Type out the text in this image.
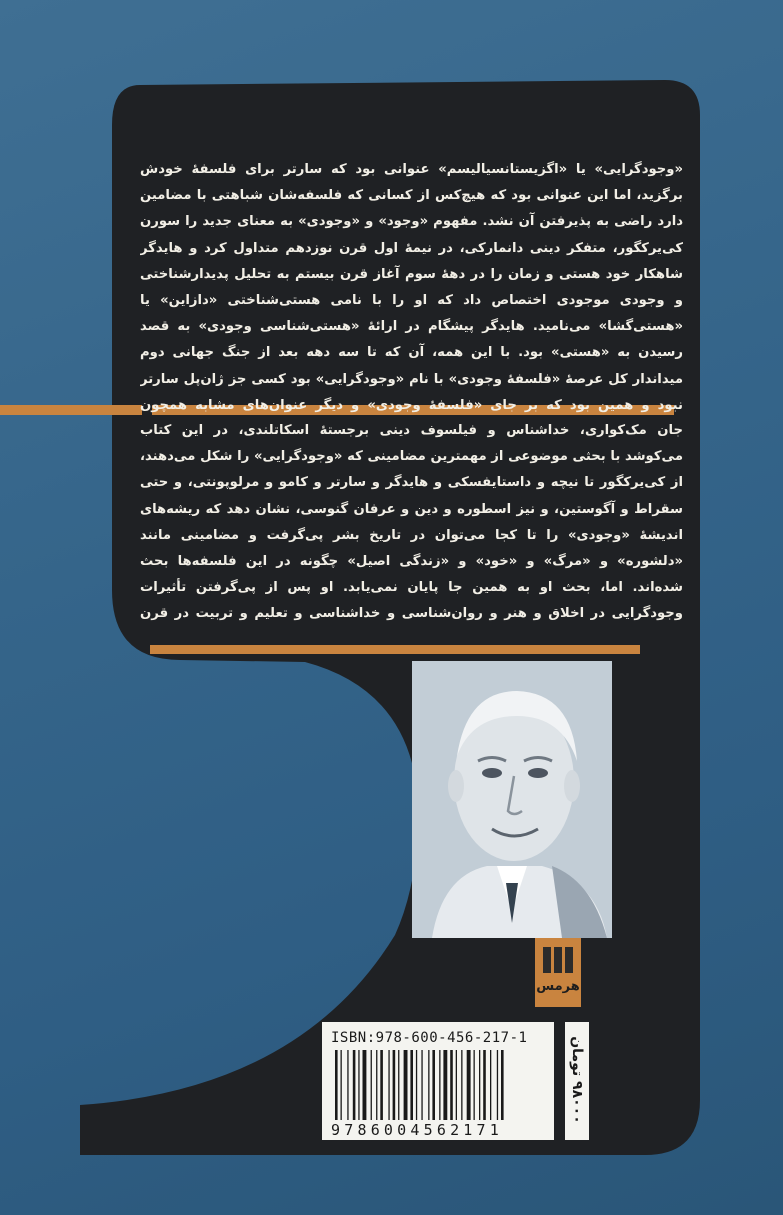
«وجودگرایی» یا «اگزیستانسیالیسم» عنوانی بود که سارتر برای فلسفهٔ خودش برگزید، اما این عنوانی بود که هیچ‌کس از کسانی که فلسفه‌شان شباهتی با مضامین دارد راضی به پذیرفتن آن نشد. مفهوم «وجود» و «وجودی» به معنای جدید را سورن کی‌یرکگور، متفکر دینی دانمارکی، در نیمهٔ اول قرن نوزدهم متداول کرد و هایدگر شاهکار خود هستی و زمان را در دههٔ سوم آغاز قرن بیستم به تحلیل پدیدارشناختی و وجودی موجودی اختصاص داد که او را با نامی هستی‌شناختی «دازاین» یا «هستی‌گشا» می‌نامید. هایدگر پیشگام در ارائهٔ «هستی‌شناسی وجودی» به قصد رسیدن به «هستی» بود. با این همه، آن که تا سه دهه بعد از جنگ جهانی دوم میداندار کل عرصهٔ «فلسفهٔ وجودی» با نام «وجودگرایی» بود کسی جز ژان‌پل سارتر نبود و همین بود که بر جای «فلسفهٔ وجودی» و دیگر عنوان‌های مشابه همچون
جان مک‌کواری، خداشناس و فیلسوف دینی برجستهٔ اسکاتلندی، در این کتاب می‌کوشد با بحثی موضوعی از مهمترین مضامینی که «وجودگرایی» را شکل می‌دهند، از کی‌یرکگور تا نیچه و داستایفسکی و هایدگر و سارتر و کامو و مرلوپونتی، و حتی سقراط و آگوستین، و نیز اسطوره و دین و عرفان گنوسی، نشان دهد که ریشه‌های اندیشهٔ «وجودی» را تا کجا می‌توان در تاریخ بشر پی‌گرفت و مضامینی مانند «دلشوره» و «مرگ» و «خود» و «زندگی اصیل» چگونه در این فلسفه‌ها بحث شده‌اند. اما، بحث او به همین جا پایان نمی‌یابد. او پس از پی‌گرفتن تأثیرات وجودگرایی در اخلاق و هنر و روان‌شناسی و خداشناسی و تعلیم و تربیت در قرن
هرمس
ISBN:978-600-456-217-1
9786004562171
۹۸۰۰۰ تومان
